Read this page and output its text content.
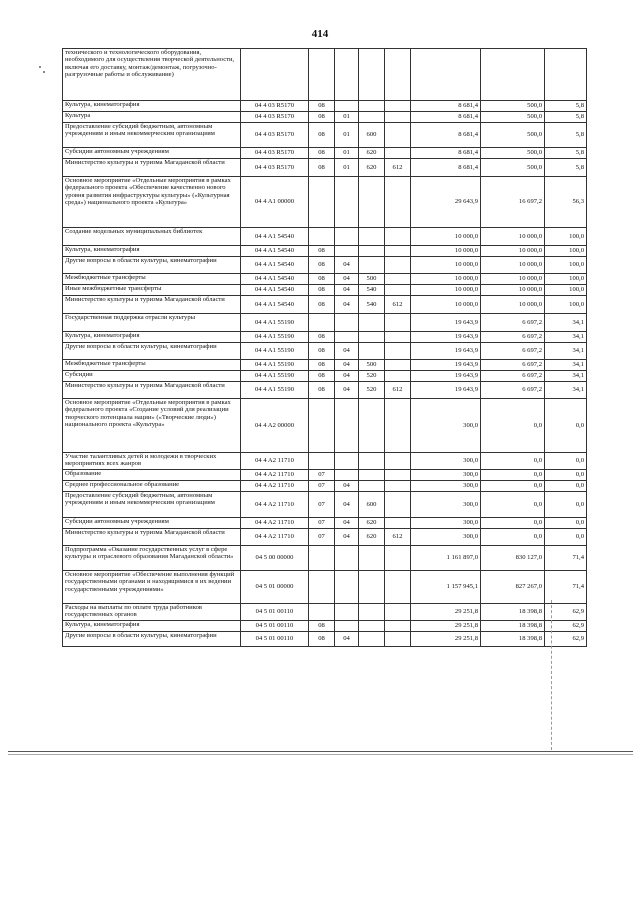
414
технического и технологического оборудования, необходимого для осуществления творческой деятельности, включая его доставку, монтаж/демонтаж, погрузочно-разгрузочные работы и обслуживание)								
Культура, кинематография	04 4 03 R5170	08				8 681,4	500,0	5,8
Культура	04 4 03 R5170	08	01			8 681,4	500,0	5,8
Предоставление субсидий бюджетным, автономным учреждениям и иным некоммерческим организациям	04 4 03 R5170	08	01	600		8 681,4	500,0	5,8
Субсидии автономным учреждениям	04 4 03 R5170	08	01	620		8 681,4	500,0	5,8
Министерство культуры и туризма Магаданской области	04 4 03 R5170	08	01	620	612	8 681,4	500,0	5,8
Основное мероприятие «Отдельные мероприятия в рамках федерального проекта «Обеспечение качественно нового уровня развития инфраструктуры культуры» («Культурная среда») национального проекта «Культура»	04 4 A1 00000					29 643,9	16 697,2	56,3
Создание модельных муниципальных библиотек	04 4 A1 54540					10 000,0	10 000,0	100,0
Культура, кинематография	04 4 A1 54540	08				10 000,0	10 000,0	100,0
Другие вопросы в области культуры, кинематографии	04 4 A1 54540	08	04			10 000,0	10 000,0	100,0
Межбюджетные трансферты	04 4 A1 54540	08	04	500		10 000,0	10 000,0	100,0
Иные межбюджетные трансферты	04 4 A1 54540	08	04	540		10 000,0	10 000,0	100,0
Министерство культуры и туризма Магаданской области	04 4 A1 54540	08	04	540	612	10 000,0	10 000,0	100,0
Государственная поддержка отрасли культуры	04 4 A1 55190					19 643,9	6 697,2	34,1
Культура, кинематография	04 4 A1 55190	08				19 643,9	6 697,2	34,1
Другие вопросы в области культуры, кинематографии	04 4 A1 55190	08	04			19 643,9	6 697,2	34,1
Межбюджетные трансферты	04 4 A1 55190	08	04	500		19 643,9	6 697,2	34,1
Субсидии	04 4 A1 55190	08	04	520		19 643,9	6 697,2	34,1
Министерство культуры и туризма Магаданской области	04 4 A1 55190	08	04	520	612	19 643,9	6 697,2	34,1
Основное мероприятие «Отдельные мероприятия в рамках федерального проекта «Создание условий для реализации творческого потенциала нации» («Творческие люди») национального проекта «Культура»	04 4 A2 00000					300,0	0,0	0,0
Участие талантливых детей и молодежи в творческих мероприятиях всех жанров	04 4 A2 11710					300,0	0,0	0,0
Образование	04 4 A2 11710	07				300,0	0,0	0,0
Среднее профессиональное образование	04 4 A2 11710	07	04			300,0	0,0	0,0
Предоставление субсидий бюджетным, автономным учреждениям и иным некоммерческим организациям	04 4 A2 11710	07	04	600		300,0	0,0	0,0
Субсидии автономным учреждениям	04 4 A2 11710	07	04	620		300,0	0,0	0,0
Министерство культуры и туризма Магаданской области	04 4 A2 11710	07	04	620	612	300,0	0,0	0,0
Подпрограмма «Оказание государственных услуг в сфере культуры и отраслевого образования Магаданской области»	04 5 00 00000					1 161 897,0	830 127,0	71,4
Основное мероприятие «Обеспечение выполнения функций государственными органами и находящимися в их ведении государственными учреждениями»	04 5 01 00000					1 157 945,1	827 267,0	71,4
Расходы на выплаты по оплате труда работников государственных органов	04 5 01 00110					29 251,8	18 398,8	62,9
Культура, кинематография	04 5 01 00110	08				29 251,8	18 398,8	62,9
Другие вопросы в области культуры, кинематографии	04 5 01 00110	08	04			29 251,8	18 398,8	62,9
